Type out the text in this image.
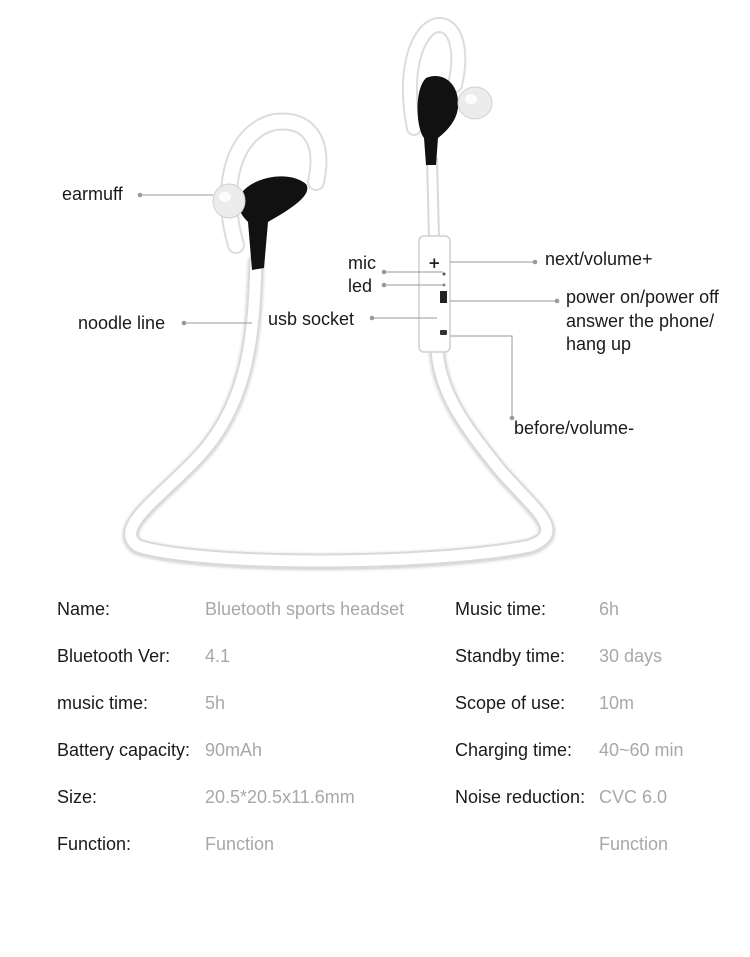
+
earmuff
noodle line
mic
led
usb socket
next/volume+
power on/power off
answer the phone/
hang up
before/volume-
Name:	Bluetooth sports headset
Bluetooth Ver: 4.1
music time:	5h
Battery capacity: 90mAh
Size:	20.5*20.5x11.6mm
Function:	Function
Music time:	6h
Standby time: 30 days
Scope of use: 10m
Charging time: 40~60 min
Noise reduction: CVC 6.0
Function
